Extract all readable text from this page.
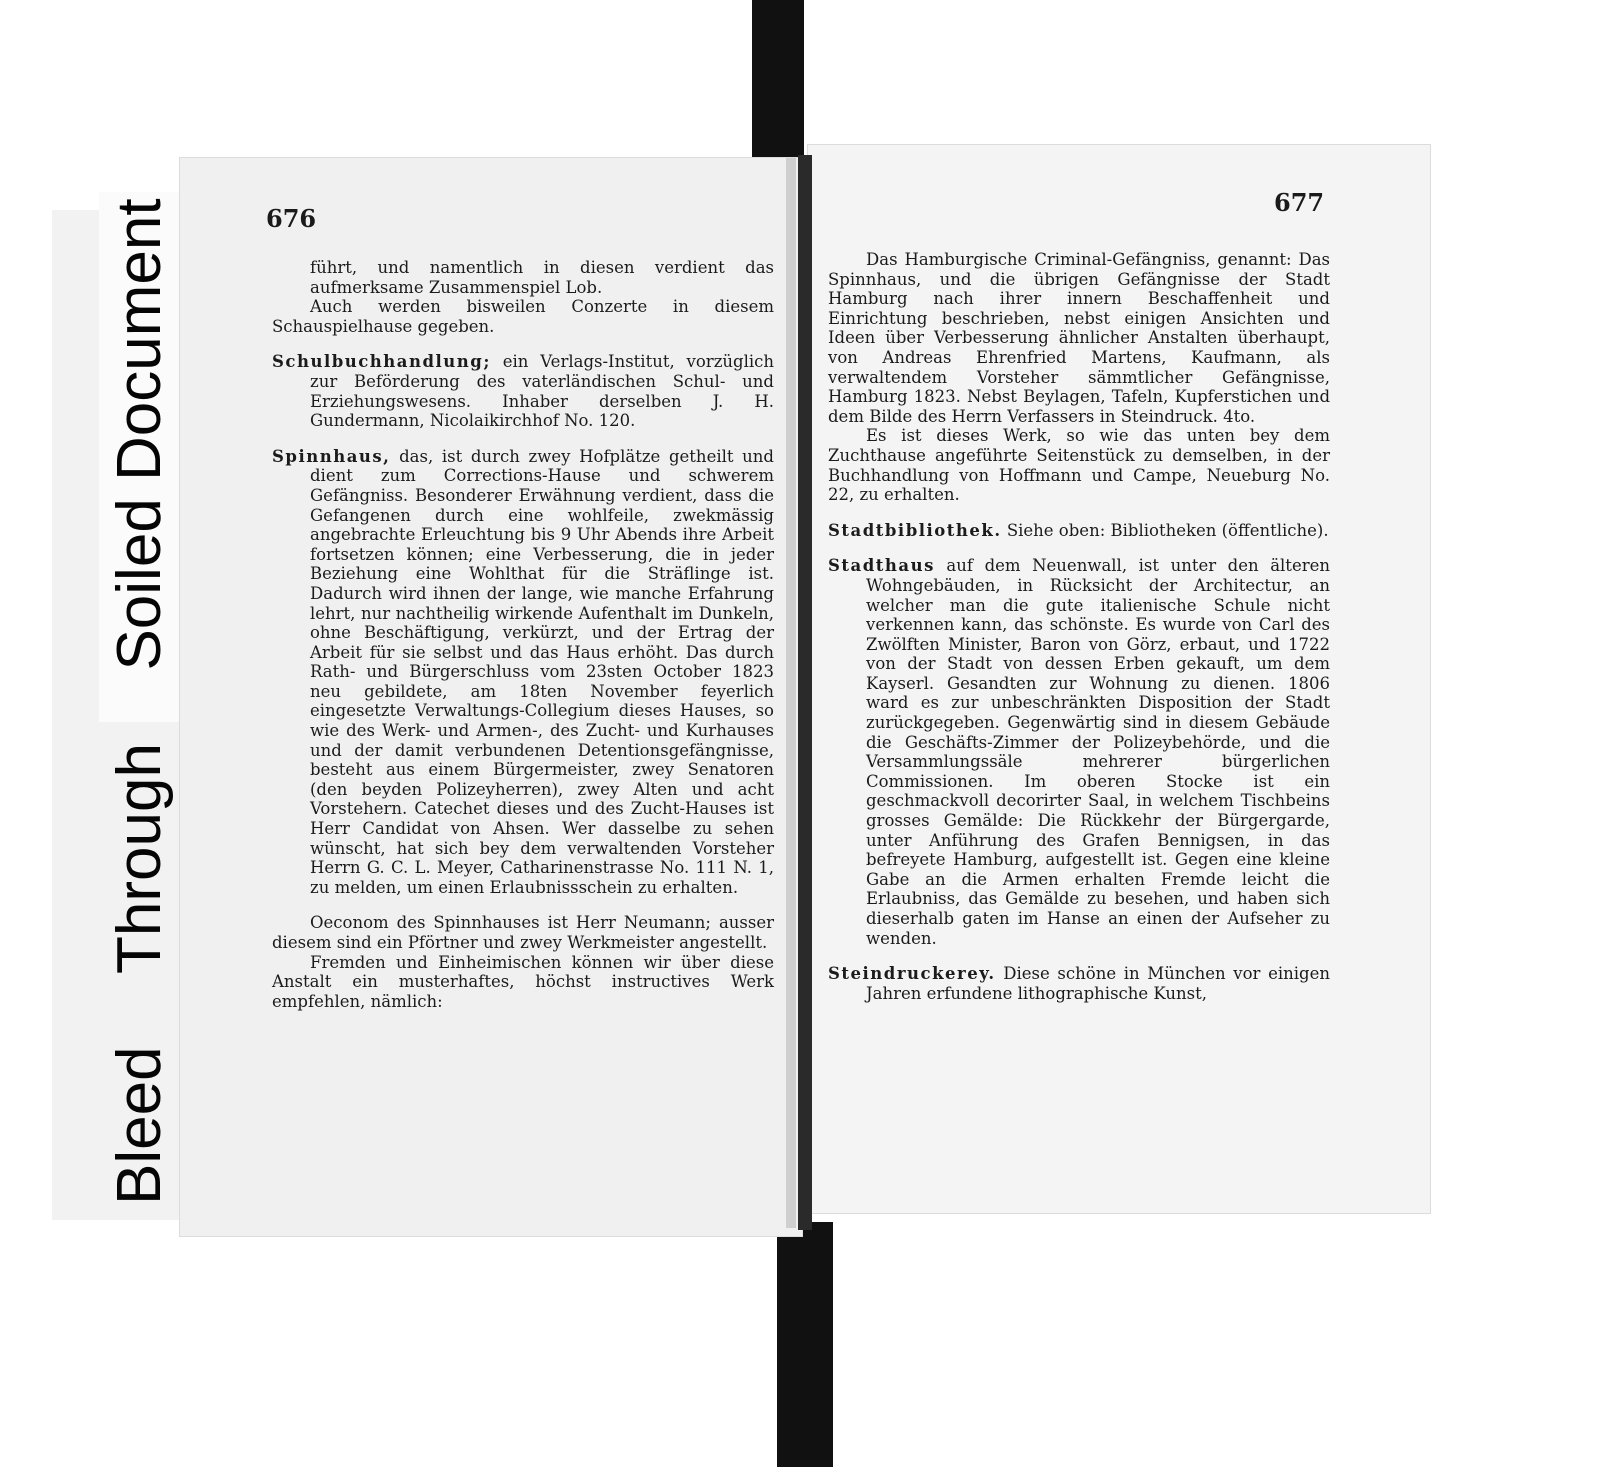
Bleed  Through  Soiled Document	676
677

führt, und namentlich in diesen verdient das aufmerksame Zusammenspiel Lob.

Auch werden bisweilen Conzerte in diesem Schauspielhause gegeben.

Schulbuchhandlung; ein Verlags-Institut, vorzüglich zur Beförderung des vaterländischen Schul- und Erziehungswesens. Inhaber derselben J. H. Gundermann, Nicolaikirchhof No. 120.

Spinnhaus, das, ist durch zwey Hofplätze getheilt und dient zum Corrections-Hause und schwerem Gefängniss. Besonderer Erwähnung verdient, dass die Gefangenen durch eine wohlfeile, zwekmässig angebrachte Erleuchtung bis 9 Uhr Abends ihre Arbeit fortsetzen können; eine Verbesserung, die in jeder Beziehung eine Wohlthat für die Sträflinge ist. Dadurch wird ihnen der lange, wie manche Erfahrung lehrt, nur nachtheilig wirkende Aufenthalt im Dunkeln, ohne Beschäftigung, verkürzt, und der Ertrag der Arbeit für sie selbst und das Haus erhöht. Das durch Rath- und Bürgerschluss vom 23sten October 1823 neu gebildete, am 18ten November feyerlich eingesetzte Verwaltungs-Collegium dieses Hauses, so wie des Werk- und Armen-, des Zucht- und Kurhauses und der damit verbundenen Detentionsgefängnisse, besteht aus einem Bürgermeister, zwey Senatoren (den beyden Polizeyherren), zwey Alten und acht Vorstehern. Catechet dieses und des Zucht-Hauses ist Herr Candidat von Ahsen. Wer dasselbe zu sehen wünscht, hat sich bey dem verwaltenden Vorsteher Herrn G. C. L. Meyer, Catharinenstrasse No. 111 N. 1, zu melden, um einen Erlaubnissschein zu erhalten.

Oeconom des Spinnhauses ist Herr Neumann; ausser diesem sind ein Pförtner und zwey Werkmeister angestellt.

Fremden und Einheimischen können wir über diese Anstalt ein musterhaftes, höchst instructives Werk empfehlen, nämlich:

Das Hamburgische Criminal-Gefängniss, genannt: Das Spinnhaus, und die übrigen Gefängnisse der Stadt Hamburg nach ihrer innern Beschaffenheit und Einrichtung beschrieben, nebst einigen Ansichten und Ideen über Verbesserung ähnlicher Anstalten überhaupt, von Andreas Ehrenfried Martens, Kaufmann, als verwaltendem Vorsteher sämmtlicher Gefängnisse, Hamburg 1823. Nebst Beylagen, Tafeln, Kupferstichen und dem Bilde des Herrn Verfassers in Steindruck. 4to.

Es ist dieses Werk, so wie das unten bey dem Zuchthause angeführte Seitenstück zu demselben, in der Buchhandlung von Hoffmann und Campe, Neueburg No. 22, zu erhalten.

Stadtbibliothek. Siehe oben: Bibliotheken (öffentliche).

Stadthaus auf dem Neuenwall, ist unter den älteren Wohngebäuden, in Rücksicht der Architectur, an welcher man die gute italienische Schule nicht verkennen kann, das schönste. Es wurde von Carl des Zwölften Minister, Baron von Görz, erbaut, und 1722 von der Stadt von dessen Erben gekauft, um dem Kayserl. Gesandten zur Wohnung zu dienen. 1806 ward es zur unbeschränkten Disposition der Stadt zurückgegeben. Gegenwärtig sind in diesem Gebäude die Geschäfts-Zimmer der Polizeybehörde, und die Versammlungssäle mehrerer bürgerlichen Commissionen. Im oberen Stocke ist ein geschmackvoll decorirter Saal, in welchem Tischbeins grosses Gemälde: Die Rückkehr der Bürgergarde, unter Anführung des Grafen Bennigsen, in das befreyete Hamburg, aufgestellt ist. Gegen eine kleine Gabe an die Armen erhalten Fremde leicht die Erlaubniss, das Gemälde zu besehen, und haben sich dieserhalb gaten im Hanse an einen der Aufseher zu wenden.

Steindruckerey. Diese schöne in München vor einigen Jahren erfundene lithographische Kunst,
